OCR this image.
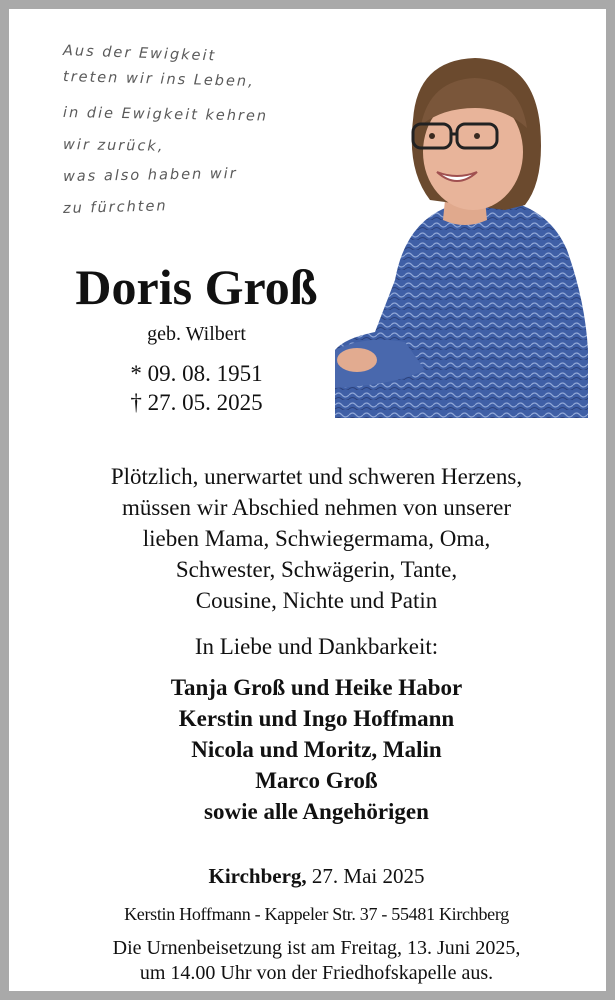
Aus der Ewigkeit
treten wir ins Leben,
in die Ewigkeit kehren
wir zurück,
was also haben wir
zu fürchten
Doris Groß
geb. Wilbert
* 09. 08. 1951
† 27. 05. 2025
Plötzlich, unerwartet und schweren Herzens,
müssen wir Abschied nehmen von unserer
lieben Mama, Schwiegermama, Oma,
Schwester, Schwägerin, Tante,
Cousine, Nichte und Patin
In Liebe und Dankbarkeit:
Tanja Groß und Heike Habor
Kerstin und Ingo Hoffmann
Nicola und Moritz, Malin
Marco Groß
sowie alle Angehörigen
Kirchberg, 27. Mai 2025
Kerstin Hoffmann - Kappeler Str. 37 - 55481 Kirchberg
Die Urnenbeisetzung ist am Freitag, 13. Juni 2025,
um 14.00 Uhr von der Friedhofskapelle aus.
